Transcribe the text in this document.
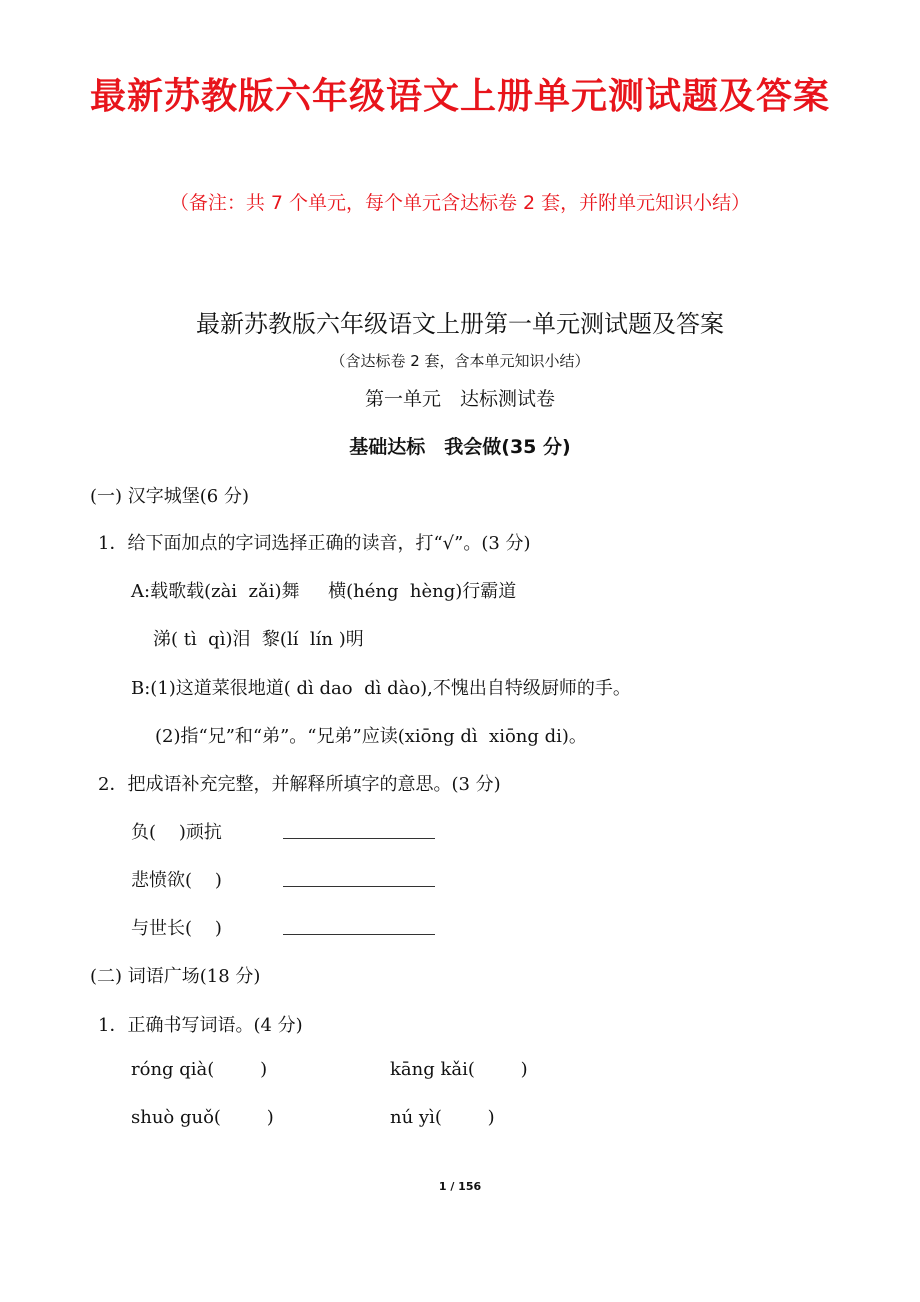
最新苏教版六年级语文上册单元测试题及答案
（备注：共 7 个单元，每个单元含达标卷 2 套，并附单元知识小结）
最新苏教版六年级语文上册第一单元测试题及答案
（含达标卷 2 套，含本单元知识小结）
第一单元　达标测试卷
基础达标　我会做(35 分)
(一) 汉字城堡(6 分)
1．给下面加点的字词选择正确的读音，打“√”。(3 分)
A:载歌载(zài  zǎi)舞     横(héng  hèng)行霸道
涕( tì  qì)泪  黎(lí  lín )明
B:(1)这道菜很地道( dì dao  dì dào),不愧出自特级厨师的手。
(2)指“兄”和“弟”。“兄弟”应读(xiōng dì  xiōng di)。
2．把成语补充完整，并解释所填字的意思。(3 分)
负(    )顽抗
悲愤欲(    )
与世长(    )
(二) 词语广场(18 分)
1．正确书写词语。(4 分)
róng qià(        )	kāng kǎi(        )
shuò guǒ(        )	nú yì(        )
1 / 156
